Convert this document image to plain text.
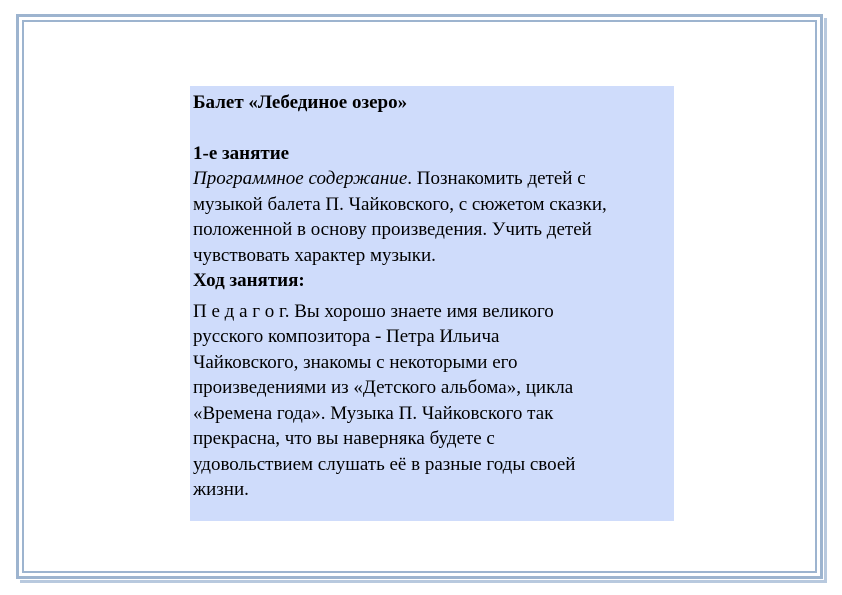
Балет «Лебединое озеро»
1-е занятие
Программное содержание. Познакомить детей с
музыкой балета П. Чайковского, с сюжетом сказки,
положенной в основу произведения. Учить детей
чувствовать характер музыки.
Ход занятия:
П е д а г о г. Вы хорошо знаете имя великого
русского композитора - Петра Ильича
Чайковского, знакомы с некоторыми его
произведениями из «Детского альбома», цикла
«Времена года». Музыка П. Чайковского так
прекрасна, что вы наверняка будете с
удовольствием слушать её в разные годы своей
жизни.
